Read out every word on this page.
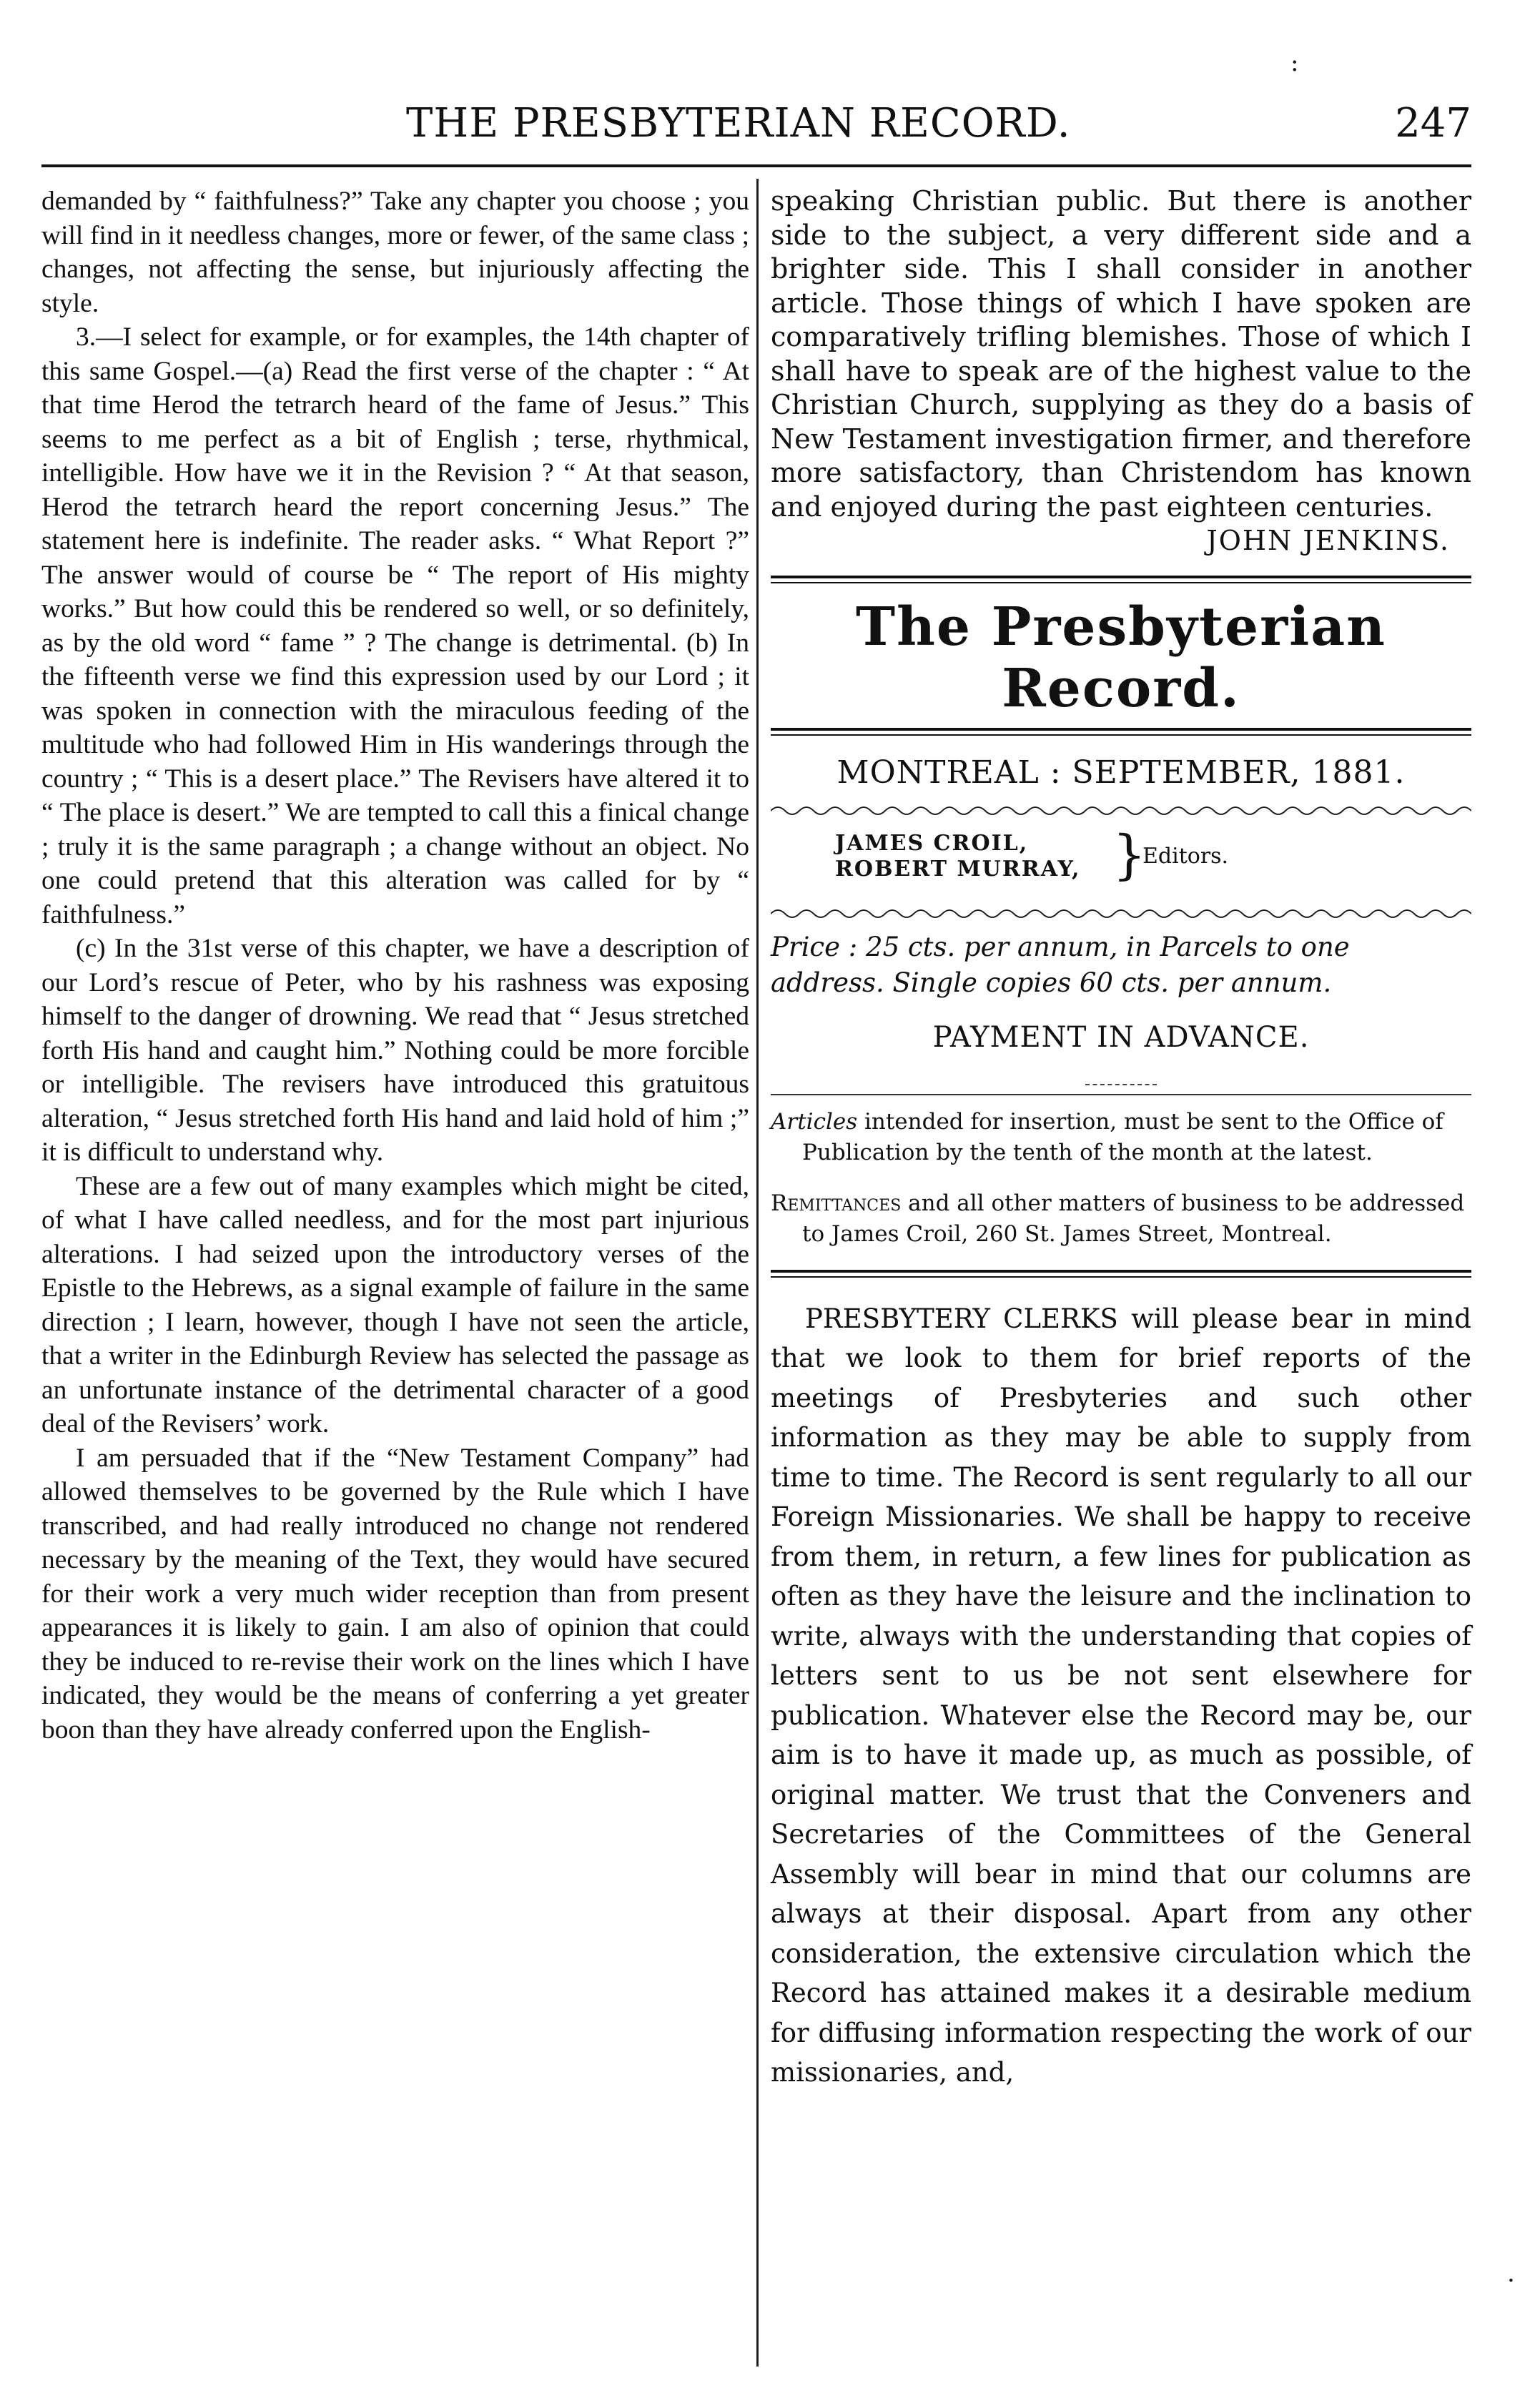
:
.
THE PRESBYTERIAN RECORD.	247

demanded by “ faithfulness?” Take any chapter you choose ; you will find in it needless changes, more or fewer, of the same class ; changes, not affecting the sense, but injuriously affecting the style.

3.—I select for example, or for examples, the 14th chapter of this same Gospel.—(a) Read the first verse of the chapter : “ At that time Herod the tetrarch heard of the fame of Jesus.” This seems to me perfect as a bit of English ; terse, rhythmical, intelligible. How have we it in the Revision ? “ At that season, Herod the tetrarch heard the report concerning Jesus.” The statement here is indefinite. The reader asks. “ What Report ?” The answer would of course be “ The report of His mighty works.” But how could this be rendered so well, or so definitely, as by the old word “ fame ” ? The change is detrimental. (b) In the fifteenth verse we find this expression used by our Lord ; it was spoken in connection with the miraculous feeding of the multitude who had followed Him in His wanderings through the country ; “ This is a desert place.” The Revisers have altered it to “ The place is desert.” We are tempted to call this a finical change ; truly it is the same paragraph ; a change without an object. No one could pretend that this alteration was called for by “ faithfulness.”

(c) In the 31st verse of this chapter, we have a description of our Lord’s rescue of Peter, who by his rashness was exposing himself to the danger of drowning. We read that “ Jesus stretched forth His hand and caught him.” Nothing could be more forcible or intelligible. The revisers have introduced this gratuitous alteration, “ Jesus stretched forth His hand and laid hold of him ;” it is difficult to understand why.

These are a few out of many examples which might be cited, of what I have called needless, and for the most part injurious alterations. I had seized upon the introductory verses of the Epistle to the Hebrews, as a signal example of failure in the same direction ; I learn, however, though I have not seen the article, that a writer in the Edinburgh Review has selected the passage as an unfortunate instance of the detrimental character of a good deal of the Revisers’ work.

I am persuaded that if the “New Testament Company” had allowed themselves to be governed by the Rule which I have transcribed, and had really introduced no change not rendered necessary by the meaning of the Text, they would have secured for their work a very much wider reception than from present appearances it is likely to gain. I am also of opinion that could they be induced to re-revise their work on the lines which I have indicated, they would be the means of conferring a yet greater boon than they have already conferred upon the English-

speaking Christian public. But there is another side to the subject, a very different side and a brighter side. This I shall consider in another article. Those things of which I have spoken are comparatively trifling blemishes. Those of which I shall have to speak are of the highest value to the Christian Church, supplying as they do a basis of New Testament investigation firmer, and therefore more satisfactory, than Christendom has known and enjoyed during the past eighteen centuries.

JOHN JENKINS.

The Presbyterian Record.
MONTREAL : SEPTEMBER, 1881.
JAMES CROIL,
ROBERT MURRAY, }
Editors.
Price : 25 cts. per annum, in Parcels to one address. Single copies 60 cts. per annum.
PAYMENT IN ADVANCE.
Articles intended for insertion, must be sent to the Office of Publication by the tenth of the month at the latest.
Remittances and all other matters of business to be addressed to James Croil, 260 St. James Street, Montreal.

PRESBYTERY CLERKS will please bear in mind that we look to them for brief reports of the meetings of Presbyteries and such other information as they may be able to supply from time to time. The Record is sent regularly to all our Foreign Missionaries. We shall be happy to receive from them, in return, a few lines for publication as often as they have the leisure and the inclination to write, always with the understanding that copies of letters sent to us be not sent elsewhere for publication. Whatever else the Record may be, our aim is to have it made up, as much as possible, of original matter. We trust that the Conveners and Secretaries of the Committees of the General Assembly will bear in mind that our columns are always at their disposal. Apart from any other consideration, the extensive circulation which the Record has attained makes it a desirable medium for diffusing information respecting the work of our missionaries, and,
